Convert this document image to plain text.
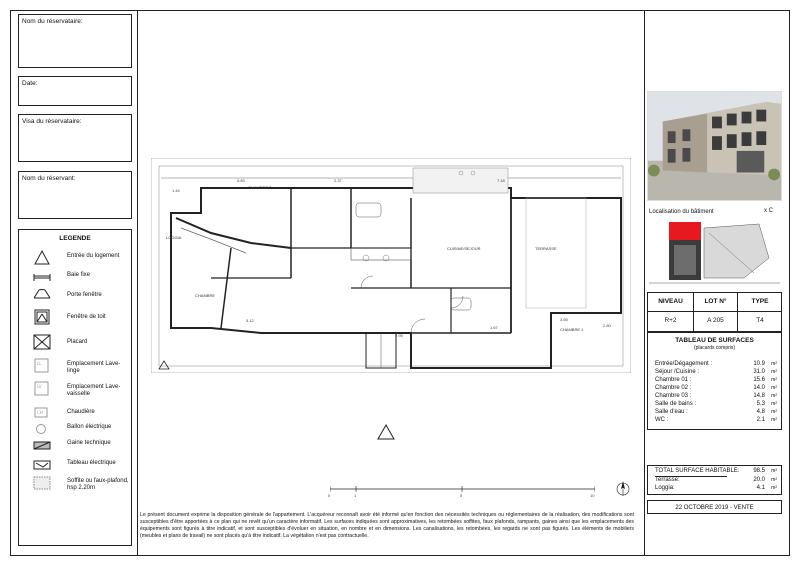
Nom du réservataire:
Date:
Visa du réservataire:
Nom du réservant:
LEGENDE
Entrée du logement
Baie fixe
Porte fenêtre
Fenêtre de toit
Placard
LL	Emplacement Lave-linge
LV	Emplacement Lave-vaisselle
CH	Chaudière
Ballon électrique
Gaine technique
Tableau électrique
Soffite ou faux-plafond, hsp 2.20m
CHAMBRE 3
CUISINE/SEJOUR
CHAMBRE 1
CHAMBRE
LOGGIA
TERRASSE
5.83	2.37	7.18
5.12	3.65
1.67
2.95
1.44
2.80
0	1	5	10
Le présent document exprime la disposition générale de l'appartement. L'acquéreur reconnaît avoir été informé qu'en fonction des nécessités techniques ou réglementaires de la réalisation, des modifications sont susceptibles d'être apportées à ce plan qui ne revêt qu'un caractère informatif. Les surfaces indiquées sont approximatives, les retombées soffites, faux plafonds, rampants, gaines ainsi que les emplacements des équipements sont figurés à titre indicatif, et sont susceptibles d'évoluer en situation, en nombre et en dimensions. Les canalisations, les retombées, les regards ne sont pas figurés. Les éléments de mobiliers (meubles et plans de travail) ne sont placés qu'à titre indicatif. La végétation n'est pas contractuelle.
Localisation du bâtiment	x C
NIVEAU	LOT N°	TYPE
R+2	A 205	T4
TABLEAU DE SURFACES
(placards compris)
Entrée/Dégagement :	10.9 m²
Séjour /Cuisine :	31.0 m²
Chambre 01 :	15.6 m²
Chambre 02 :	14.0 m²
Chambre 03 :	14.8 m²
Salle de bains :	5.3 m²
Salle d'eau :	4.8 m²
WC :	2.1 m²
TOTAL SURFACE HABITABLE: 98.5 m²
Terrasse:	20.0 m²
Loggia:	4.1 m²
22 OCTOBRE 2019 - VENTE
